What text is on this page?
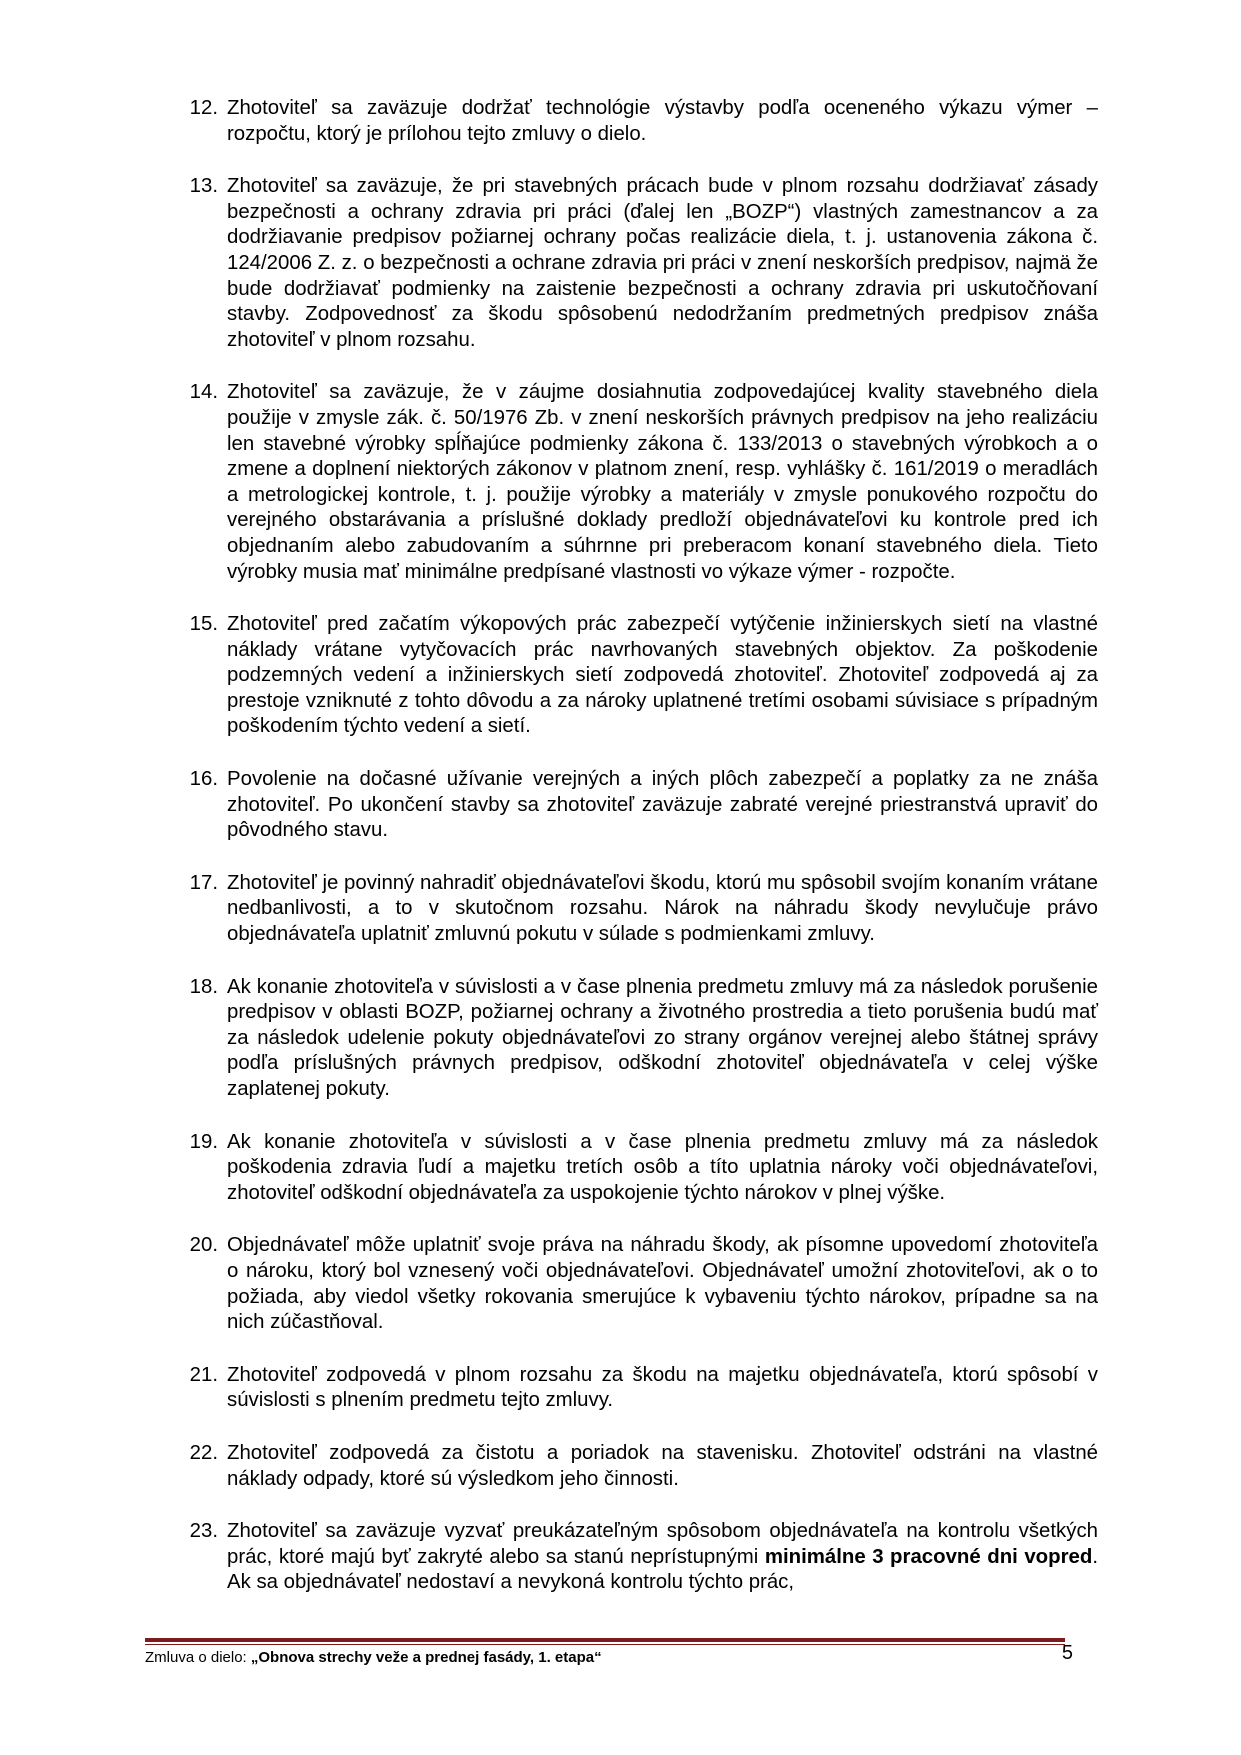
12. Zhotoviteľ sa zaväzuje dodržať technológie výstavby podľa oceneného výkazu výmer – rozpočtu, ktorý je prílohou tejto zmluvy o dielo.
13. Zhotoviteľ sa zaväzuje, že pri stavebných prácach bude v plnom rozsahu dodržiavať zásady bezpečnosti a ochrany zdravia pri práci (ďalej len „BOZP“) vlastných zamestnancov a za dodržiavanie predpisov požiarnej ochrany počas realizácie diela, t. j. ustanovenia zákona č. 124/2006 Z. z. o bezpečnosti a ochrane zdravia pri práci v znení neskorších predpisov, najmä že bude dodržiavať podmienky na zaistenie bezpečnosti a ochrany zdravia pri uskutočňovaní stavby. Zodpovednosť za škodu spôsobenú nedodržaním predmetných predpisov znáša zhotoviteľ v plnom rozsahu.
14. Zhotoviteľ sa zaväzuje, že v záujme dosiahnutia zodpovedajúcej kvality stavebného diela použije v zmysle zák. č. 50/1976 Zb. v znení neskorších právnych predpisov na jeho realizáciu len stavebné výrobky spĺňajúce podmienky zákona č. 133/2013 o stavebných výrobkoch a o zmene a doplnení niektorých zákonov v platnom znení, resp. vyhlášky č. 161/2019 o meradlách a metrologickej kontrole, t. j. použije výrobky a materiály v zmysle ponukového rozpočtu do verejného obstarávania a príslušné doklady predloží objednávateľovi ku kontrole pred ich objednaním alebo zabudovaním a súhrnne pri preberacom konaní stavebného diela. Tieto výrobky musia mať minimálne predpísané vlastnosti vo výkaze výmer - rozpočte.
15. Zhotoviteľ pred začatím výkopových prác zabezpečí vytýčenie inžinierskych sietí na vlastné náklady vrátane vytyčovacích prác navrhovaných stavebných objektov. Za poškodenie podzemných vedení a inžinierskych sietí zodpovedá zhotoviteľ. Zhotoviteľ zodpovedá aj za prestoje vzniknuté z tohto dôvodu a za nároky uplatnené tretími osobami súvisiace s prípadným poškodením týchto vedení a sietí.
16. Povolenie na dočasné užívanie verejných a iných plôch zabezpečí a poplatky za ne znáša zhotoviteľ. Po ukončení stavby sa zhotoviteľ zaväzuje zabraté verejné priestranstvá upraviť do pôvodného stavu.
17. Zhotoviteľ je povinný nahradiť objednávateľovi škodu, ktorú mu spôsobil svojím konaním vrátane nedbanlivosti, a to v skutočnom rozsahu. Nárok na náhradu škody nevylučuje právo objednávateľa uplatniť zmluvnú pokutu v súlade s podmienkami zmluvy.
18. Ak konanie zhotoviteľa v súvislosti a v čase plnenia predmetu zmluvy má za následok porušenie predpisov v oblasti BOZP, požiarnej ochrany a životného prostredia a tieto porušenia budú mať za následok udelenie pokuty objednávateľovi zo strany orgánov verejnej alebo štátnej správy podľa príslušných právnych predpisov, odškodní zhotoviteľ objednávateľa v celej výške zaplatenej pokuty.
19. Ak konanie zhotoviteľa v súvislosti a v čase plnenia predmetu zmluvy má za následok poškodenia zdravia ľudí a majetku tretích osôb a títo uplatnia nároky voči objednávateľovi, zhotoviteľ odškodní objednávateľa za uspokojenie týchto nárokov v plnej výške.
20. Objednávateľ môže uplatniť svoje práva na náhradu škody, ak písomne upovedomí zhotoviteľa o nároku, ktorý bol vznesený voči objednávateľovi. Objednávateľ umožní zhotoviteľovi, ak o to požiada, aby viedol všetky rokovania smerujúce k vybaveniu týchto nárokov, prípadne sa na nich zúčastňoval.
21. Zhotoviteľ zodpovedá v plnom rozsahu za škodu na majetku objednávateľa, ktorú spôsobí v súvislosti s plnením predmetu tejto zmluvy.
22. Zhotoviteľ zodpovedá za čistotu a poriadok na stavenisku. Zhotoviteľ odstráni na vlastné náklady odpady, ktoré sú výsledkom jeho činnosti.
23. Zhotoviteľ sa zaväzuje vyzvať preukázateľným spôsobom objednávateľa na kontrolu všetkých prác, ktoré majú byť zakryté alebo sa stanú neprístupnými minimálne 3 pracovné dni vopred. Ak sa objednávateľ nedostaví a nevykoná kontrolu týchto prác,
Zmluva o dielo: „Obnova strechy veže a prednej fasády, 1. etapa“	5
